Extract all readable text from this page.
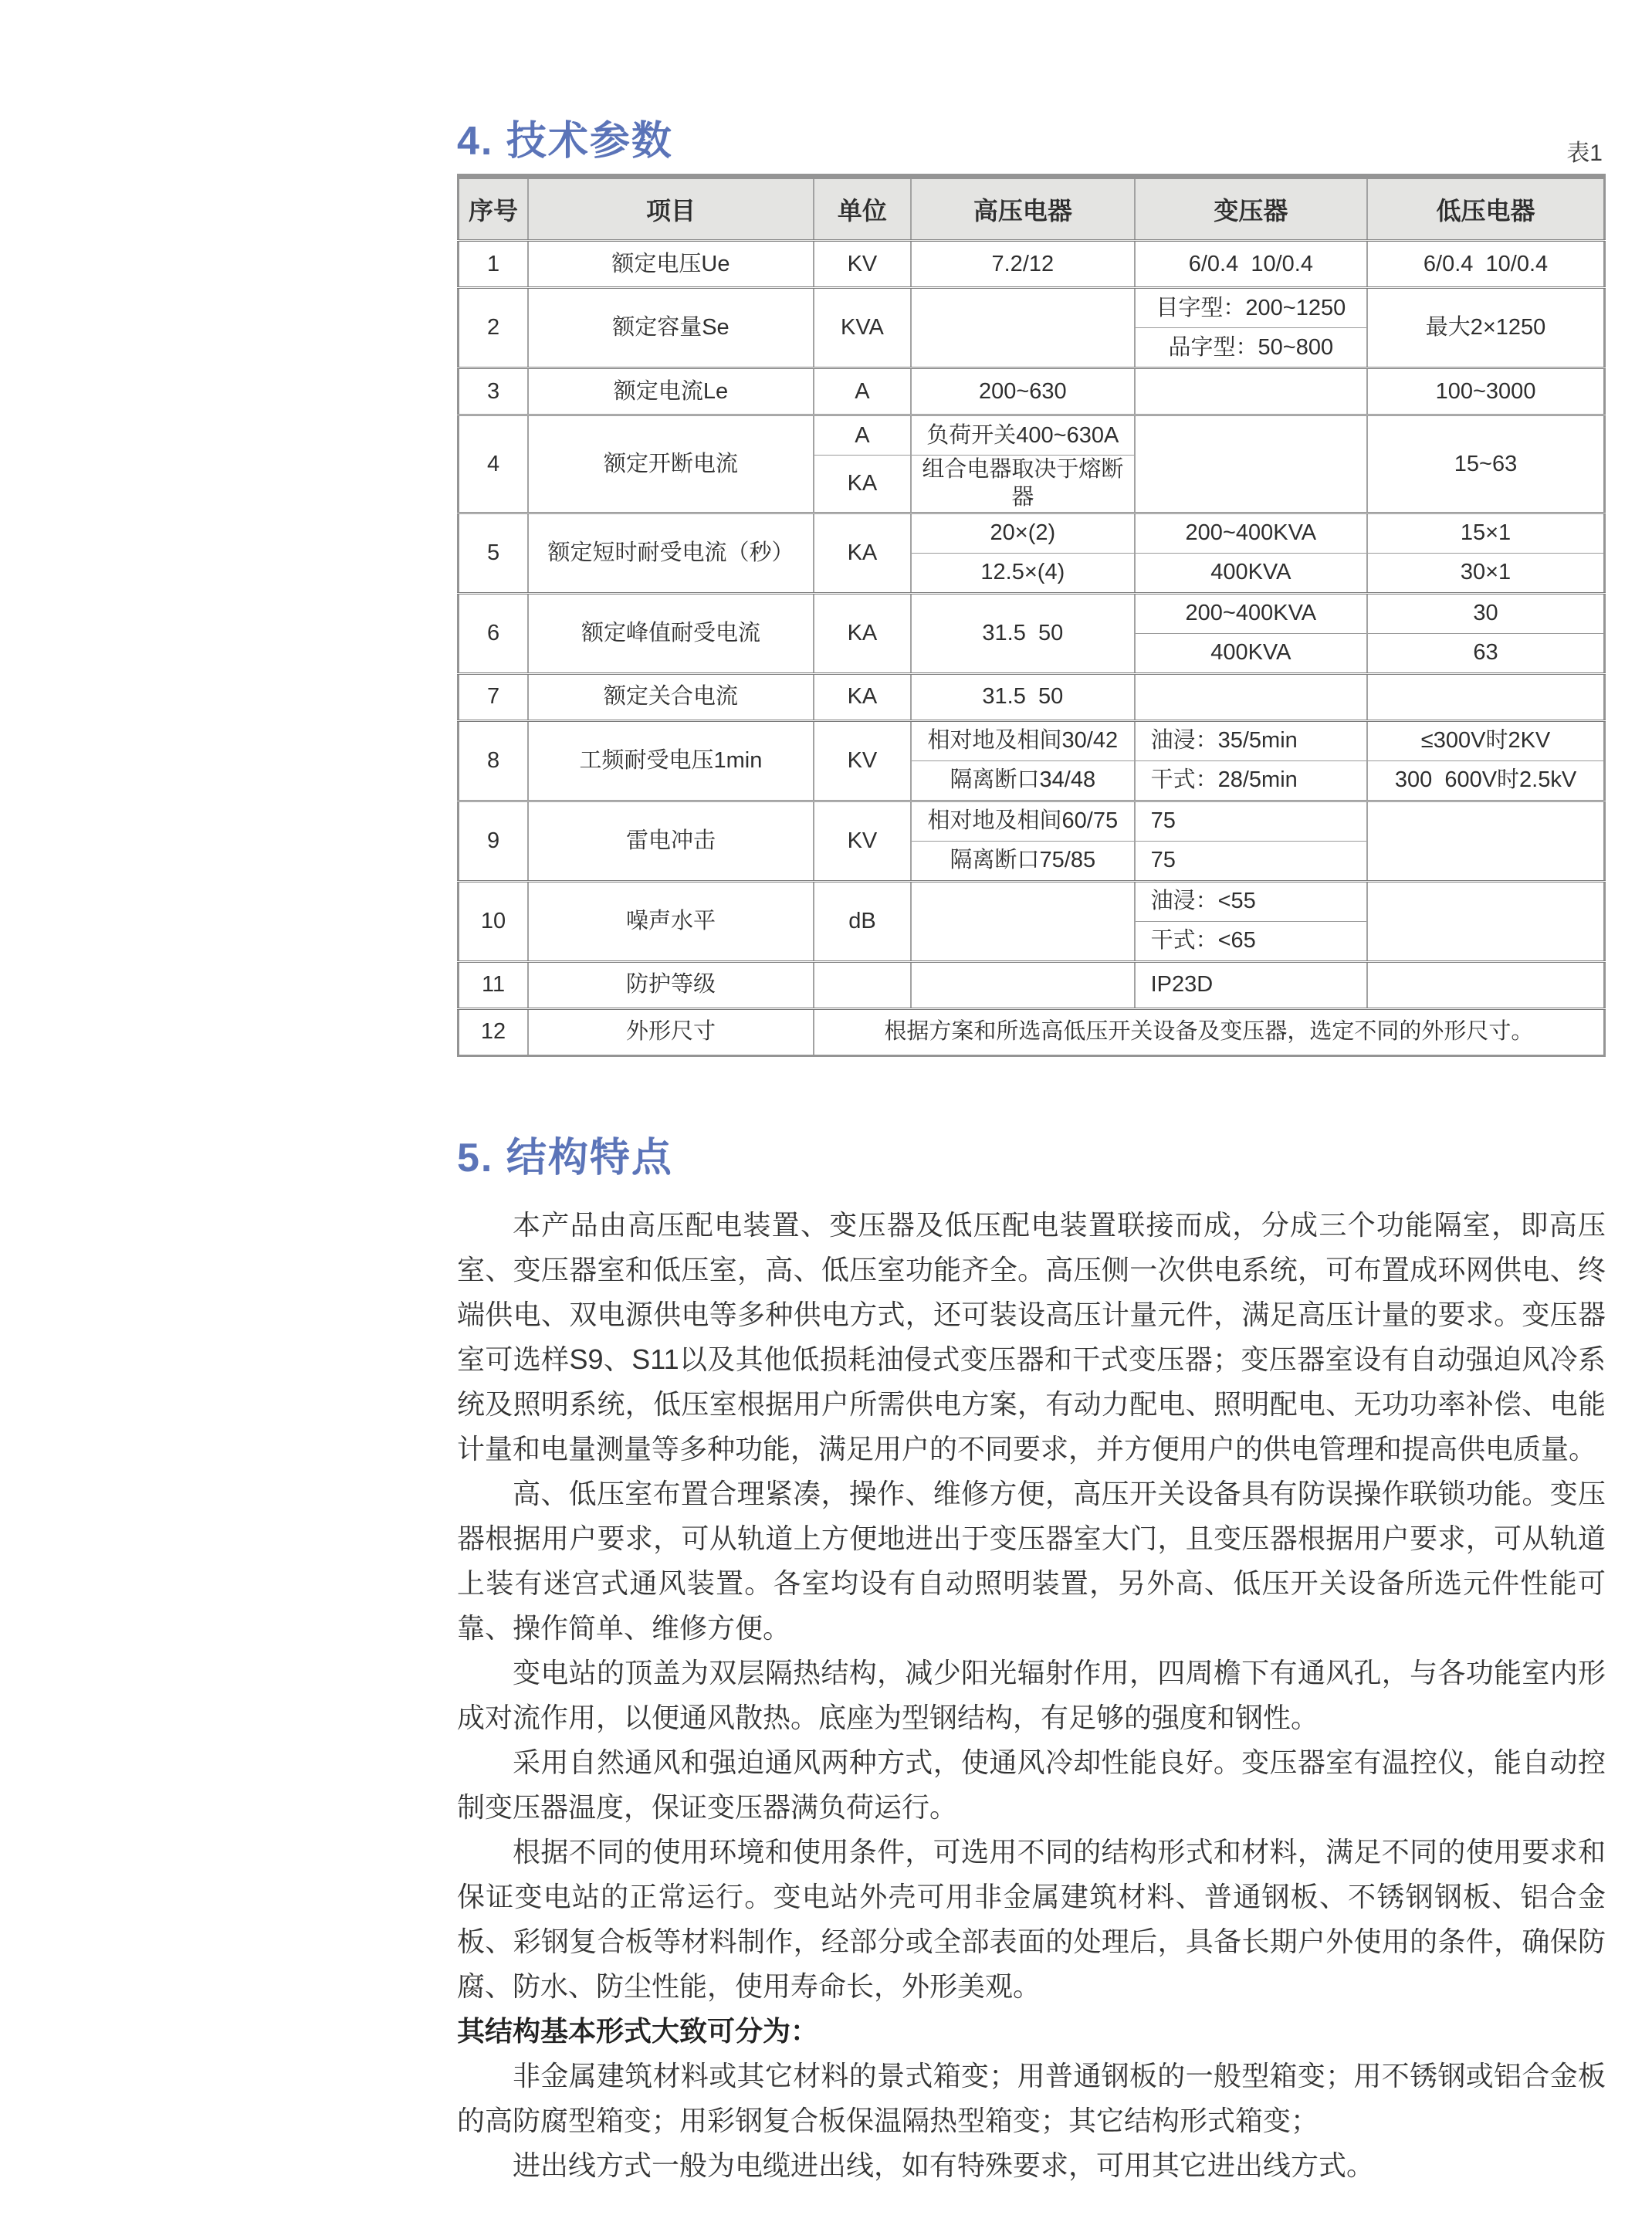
4. 技术参数	表1
序号	项目	单位	高压电器	变压器	低压电器
1	额定电压Ue	KV	7.2/12	6/0.4  10/0.4	6/0.4  10/0.4
2	额定容量Se	KVA		目字型：200~1250	最大2×1250
				品字型：50~800	
3	额定电流Le	A	200~630		100~3000
4	额定开断电流	A	负荷开关400~630A		15~63
		KA	组合电器取决于熔断器		
5	额定短时耐受电流（秒）	KA	20×(2)	200~400KVA	15×1
			12.5×(4)	400KVA	30×1
6	额定峰值耐受电流	KA	31.5  50	200~400KVA	30
				400KVA	63
7	额定关合电流	KA	31.5  50		
8	工频耐受电压1min	KV	相对地及相间30/42	油浸：35/5min	≤300V时2KV
			隔离断口34/48	干式：28/5min	300  600V时2.5kV
9	雷电冲击	KV	相对地及相间60/75	75	
			隔离断口75/85	75	
10	噪声水平	dB		油浸：<55	
				干式：<65	
11	防护等级			IP23D	
12	外形尺寸	根据方案和所选高低压开关设备及变压器，选定不同的外形尺寸。			
5. 结构特点

本产品由高压配电装置、变压器及低压配电装置联接而成，分成三个功能隔室，即高压室、变压器室和低压室，高、低压室功能齐全。高压侧一次供电系统，可布置成环网供电、终端供电、双电源供电等多种供电方式，还可装设高压计量元件，满足高压计量的要求。变压器室可选样S9、S11以及其他低损耗油侵式变压器和干式变压器；变压器室设有自动强迫风冷系统及照明系统，低压室根据用户所需供电方案，有动力配电、照明配电、无功功率补偿、电能计量和电量测量等多种功能，满足用户的不同要求，并方便用户的供电管理和提高供电质量。

高、低压室布置合理紧凑，操作、维修方便，高压开关设备具有防误操作联锁功能。变压器根据用户要求，可从轨道上方便地进出于变压器室大门，且变压器根据用户要求，可从轨道上装有迷宫式通风装置。各室均设有自动照明装置，另外高、低压开关设备所选元件性能可靠、操作简单、维修方便。

变电站的顶盖为双层隔热结构，减少阳光辐射作用，四周檐下有通风孔，与各功能室内形成对流作用，以便通风散热。底座为型钢结构，有足够的强度和钢性。

采用自然通风和强迫通风两种方式，使通风冷却性能良好。变压器室有温控仪，能自动控制变压器温度，保证变压器满负荷运行。

根据不同的使用环境和使用条件，可选用不同的结构形式和材料，满足不同的使用要求和保证变电站的正常运行。变电站外壳可用非金属建筑材料、普通钢板、不锈钢钢板、铝合金板、彩钢复合板等材料制作，经部分或全部表面的处理后，具备长期户外使用的条件，确保防腐、防水、防尘性能，使用寿命长，外形美观。

其结构基本形式大致可分为：

非金属建筑材料或其它材料的景式箱变；用普通钢板的一般型箱变；用不锈钢或铝合金板的高防腐型箱变；用彩钢复合板保温隔热型箱变；其它结构形式箱变；

进出线方式一般为电缆进出线，如有特殊要求，可用其它进出线方式。
